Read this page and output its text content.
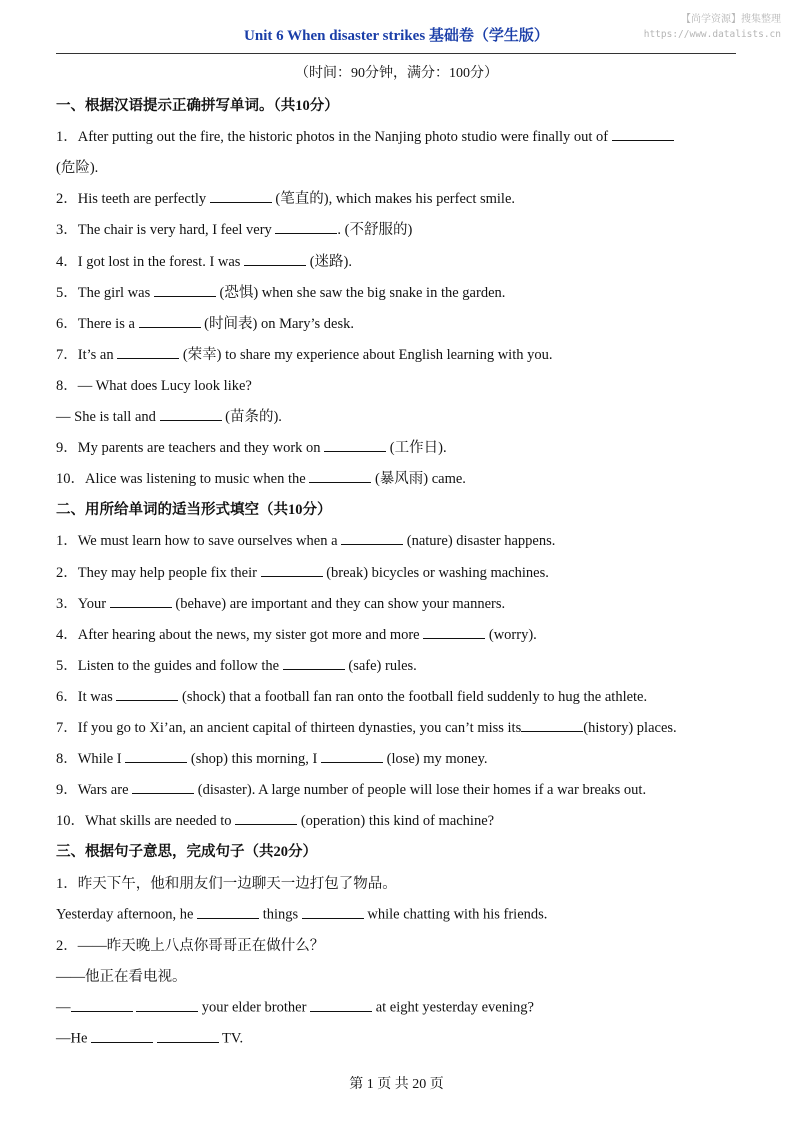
Unit 6 When disaster strikes 基础卷（学生版）
【尚学资源】搜集整理
https://www.datalists.cn
（时间：90分钟，满分：100分）
一、根据汉语提示正确拼写单词。（共10分）
1．After putting out the fire, the historic photos in the Nanjing photo studio were finally out of
(危险).
2．His teeth are perfectly	(笔直的), which makes his perfect smile.
3．The chair is very hard, I feel very	. (不舒服的)
4．I got lost in the forest. I was	(迷路).
5．The girl was	(恐惧) when she saw the big snake in the garden.
6．There is a	(时间表) on Mary’s desk.
7．It’s an	(荣幸) to share my experience about English learning with you.
8．— What does Lucy look like?
— She is tall and	(苗条的).
9．My parents are teachers and they work on	(工作日).
10．Alice was listening to music when the	(暴风雨) came.
二、用所给单词的适当形式填空（共10分）
1．We must learn how to save ourselves when a	(nature) disaster happens.
2．They may help people fix their	(break) bicycles or washing machines.
3．Your	(behave) are important and they can show your manners.
4．After hearing about the news, my sister got more and more	(worry).
5．Listen to the guides and follow the	(safe) rules.
6．It was	(shock) that a football fan ran onto the football field suddenly to hug the athlete.
7．If you go to Xi’an, an ancient capital of thirteen dynasties, you can’t miss its	(history) places.
8．While I	(shop) this morning, I	(lose) my money.
9．Wars are	(disaster). A large number of people will lose their homes if a war breaks out.
10．What skills are needed to	(operation) this kind of machine?
三、根据句子意思，完成句子（共20分）
1．昨天下午，他和朋友们一边聊天一边打包了物品。
Yesterday afternoon, he	things	while chatting with his friends.
2．——昨天晚上八点你哥哥正在做什么？
——他正在看电视。
—	your elder brother	at eight yesterday evening?
—He	TV.
第 1 页 共 20 页
